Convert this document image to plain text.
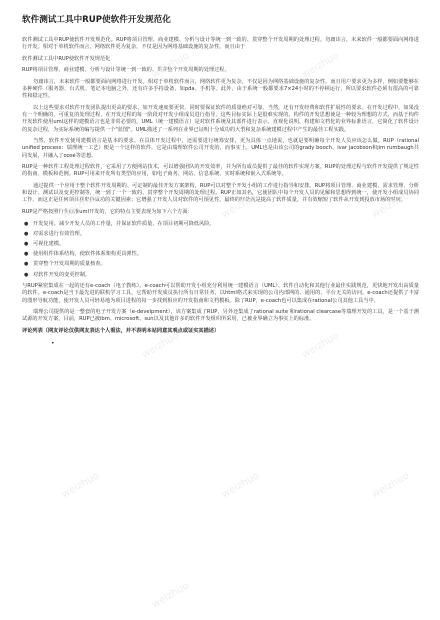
软件测试工具中RUP使软件开发规范化

软件测试工具中RUP使软件开发规范化。RUP将项目管理、商业建模、分析与设计等统一到一致的、贯穿整个开发周期的处理过程。勿庸讳言，未来软件一般都要面向网络进行开发。相对于单机软件而言，网络软件更为复杂，不仅是因为网络基础设施的复杂性，而且由于

软件测试工具中RUP使软件开发规范化

RUP将项目管理、商业建模、分析与设计等统一到一致的、贯穿整个开发周期的处理过程。

勿庸讳言，未来软件一般都要面向网络进行开发。相对于单机软件而言，网络软件更为复杂，不仅是因为网络基础设施的复杂性，而且用户要求更为多样，例如要能够在多种硬件（服务器、台式机、笔记本电脑之外，还有许多手持设备，如pda、手机等。此外，由于系统一般都要求7×24小时的不停顿运行，所以要求软件必须有很高的可靠性和稳定性。

以上这些要求对软件开发团队提出更高的要求，如开发速度要更快，同时要保证软件的质量绝对可靠，当然，还有开发经费和软件扩展性的要求。在开发过程中，如果没有一个明确的、可重复的处理过程，在开发过程的每一阶段对开发小组成员进行指导，这些目标实际上是很难实现的。构件的开发思想使是一种较为理想的方式，而基于构件开发软件使用uml这样的建模语言也是非常必要的。UML（统一建模语言）是对软件系统及其部件进行表示、直观化说明、构建和文档化的业界标准语言，它简化了软件设计的复杂过程，为实际系统的编写提供一个"蓝图"。UML描述了一系列在业界已证明十分成功的大型和复杂系统建模过程中产生的最佳工程实践。

当然，软件开发使用建模语言是基本的要求。在具体开发过程中，还需要进行统筹安排，更为具体一点地说，也就是要明确每个开发人员应该怎么做。RUP（rational unified process：瑞理统一工艺）便是一个这样的软件，它是由瑞理软件公司开发的，而事实上，UML也是由该公司的grady booch、ivar jacobson和jim rumbaugh共同发展，并融入了oose等思想。

RUP是一种软件工程处理过程软件，它采用了方便网站技术，可以增强团队的开发效率，并为所有成员提供了最佳的软件实现方案。RUP的处理过程与软件开发提供了规定性的指南、模板和范例。RUP可用来开发所有类型的应用，如电子商务、网站、信息系统、实时系统和嵌入式系统等。

通过提供一个应用于整个软件开发周期的、可定制的最佳开发方案架构，RUP可以对整个开发小组的工作进行指导和安排。RUP将项目管理、商业建模、需求管理、分析和设计、测试以及变更控制等，统一到了一个一致的、贯穿整个开发周期的处理过程。RUP正如其名，它使团队中每个开发人员的见解和思想得到统一，使开发小组成员协同工作，而这正是任何项目获取得成功的关键因素；它增强了开发人员对软件的可预见性，最终的好处就是提高了软件质量，并有效缩短了软件从开发到投放市场的时间。

RUP是严格按照行业标准uml开发的，它的特点主要表现为如下六个方面：

● 开发复用。减少开发人员的工作量，并保证软件质量，在项目初期可降低风险。
● 对需求进行有效管理。
● 可视化建模。
● 使用组件体系结构，使软件体系架构更具弹性。
● 贯穿整个开发周期的质量核查。
● 对软件开发的变更控制。

与RUP紧密集成在一起的还有e-coach（电子教练）。e-coach可以帮助开发小组充分利用统一建模语言（UML）、软件自动化和其他行业最佳实践规范，更快地开发出高质量的软件。e-coach是当下最先进的联机学习工具，它帮助开发成员执行所有日常任务，以html格式来实现的公司内部网的、通用的、平台无关的访问。e-coach还提供了丰富的图形导航功能，使开发人员可轻易地为项目进程的每一步找到相应的开发指南和文档模板。除了RUP，e-coach也可以集成在rational公司其他工具当中。

瑞理公司提供的是一整套的电子开发方案（e-develpment），该方案集成了RUP，另外还集成了rational suite 和rational clearcase等瑞理开发的工具，是一个基于测试源的开发方案。目前，RUP已被ibm、microsoft、sun以及其他许多的软件开发组织所采用，已被业界确立为事实上的标准。

评论列表（网友评论仅供网友表达个人看法，并不表明本站同意其观点或证实其描述）

•
weizhuo	weizhuo
weizhuo	weizhuo	weizhuo
weizhuo	weizhuo
weizhuo	weizhuo	weizhuo
weizhuo
